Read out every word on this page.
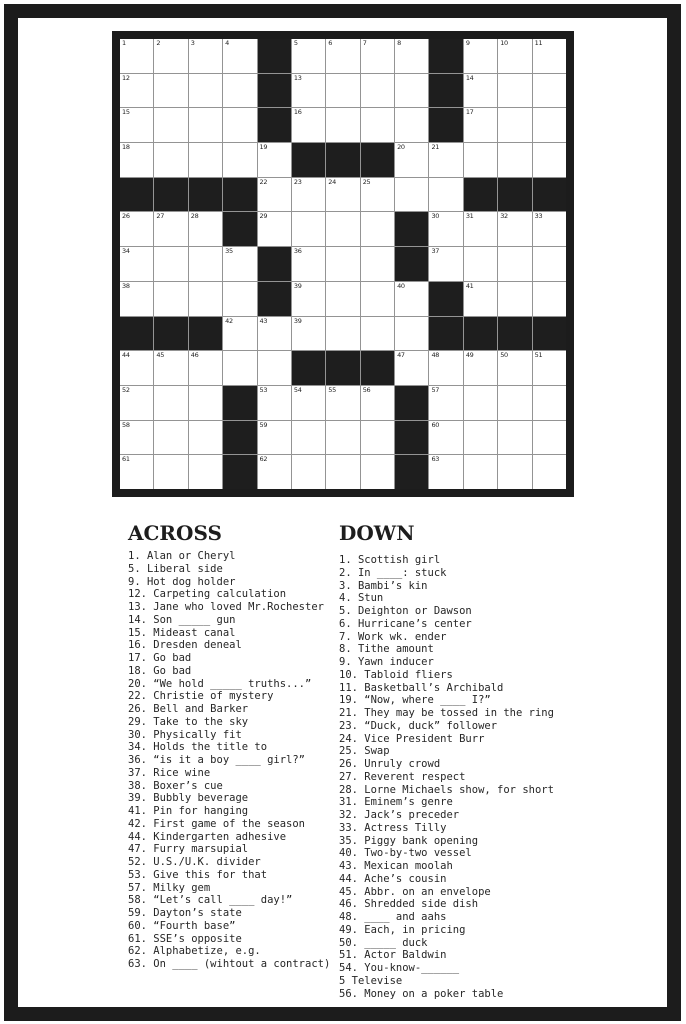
1	2	3	4	5	6	7	8	9	10	11
12	13	14
15	16	17
18	19	20	21
22	23	24	25
26	27	28	29	30	31	32	33
34	35	36	37
38	39	40	41
42	43	39
44	45	46	47	48	49	50	51
52	53	54	55	56	57
58	59	60
61	62	63
ACROSS
1. Alan or Cheryl
5. Liberal side
9. Hot dog holder
12. Carpeting calculation
13. Jane who loved Mr.Rochester
14. Son _____ gun
15. Mideast canal
16. Dresden deneal
17. Go bad
18. Go bad
20. “We hold _____ truths...”
22. Christie of mystery
26. Bell and Barker
29. Take to the sky
30. Physically fit
34. Holds the title to
36. “is it a boy ____ girl?”
37. Rice wine
38. Boxer’s cue
39. Bubbly beverage
41. Pin for hanging
42. First game of the season
44. Kindergarten adhesive
47. Furry marsupial
52. U.S./U.K. divider
53. Give this for that
57. Milky gem
58. “Let’s call ____ day!”
59. Dayton’s state
60. “Fourth base”
61. SSE’s opposite
62. Alphabetize, e.g.
63. On ____ (wihtout a contract)
DOWN
1. Scottish girl
2. In ____: stuck
3. Bambi’s kin
4. Stun
5. Deighton or Dawson
6. Hurricane’s center
7. Work wk. ender
8. Tithe amount
9. Yawn inducer
10. Tabloid fliers
11. Basketball’s Archibald
19. “Now, where ____ I?”
21. They may be tossed in the ring
23. “Duck, duck” follower
24. Vice President Burr
25. Swap
26. Unruly crowd
27. Reverent respect
28. Lorne Michaels show, for short
31. Eminem’s genre
32. Jack’s preceder
33. Actress Tilly
35. Piggy bank opening
40. Two-by-two vessel
43. Mexican moolah
44. Ache’s cousin
45. Abbr. on an envelope
46. Shredded side dish
48. ____ and aahs
49. Each, in pricing
50. _____ duck
51. Actor Baldwin
54. You-know-______
5 Televise
56. Money on a poker table
